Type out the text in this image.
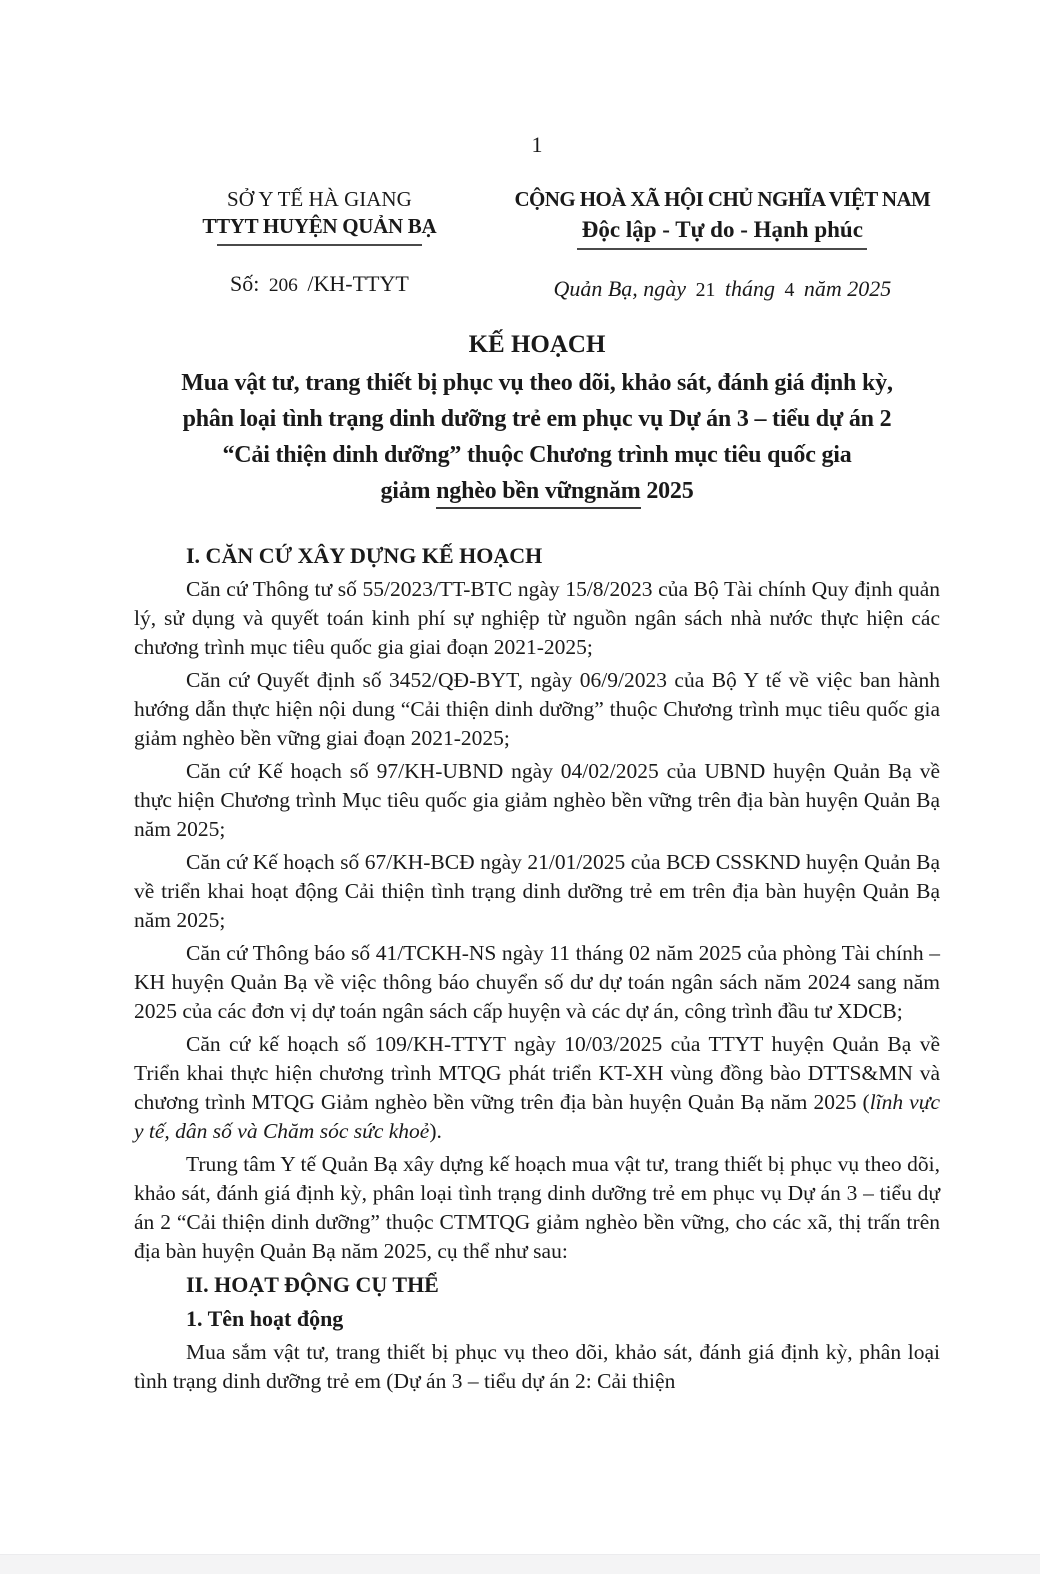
1
SỞ Y TẾ HÀ GIANG
TTYT HUYỆN QUẢN BẠ
Số: 206 /KH-TTYT
CỘNG HOÀ XÃ HỘI CHỦ NGHĨA VIỆT NAM
Độc lập - Tự do - Hạnh phúc
Quản Bạ, ngày 21 tháng 4 năm 2025
KẾ HOẠCH
Mua vật tư, trang thiết bị phục vụ theo dõi, khảo sát, đánh giá định kỳ,
phân loại tình trạng dinh dưỡng trẻ em phục vụ Dự án 3 – tiểu dự án 2
“Cải thiện dinh dưỡng” thuộc Chương trình mục tiêu quốc gia
giảm nghèo bền vữngnăm 2025
I. CĂN CỨ XÂY DỰNG KẾ HOẠCH

Căn cứ Thông tư số 55/2023/TT-BTC ngày 15/8/2023 của Bộ Tài chính Quy định quản lý, sử dụng và quyết toán kinh phí sự nghiệp từ nguồn ngân sách nhà nước thực hiện các chương trình mục tiêu quốc gia giai đoạn 2021-2025;

Căn cứ Quyết định số 3452/QĐ-BYT, ngày 06/9/2023 của Bộ Y tế về việc ban hành hướng dẫn thực hiện nội dung “Cải thiện dinh dưỡng” thuộc Chương trình mục tiêu quốc gia giảm nghèo bền vững giai đoạn 2021-2025;

Căn cứ Kế hoạch số 97/KH-UBND ngày 04/02/2025 của UBND huyện Quản Bạ về thực hiện Chương trình Mục tiêu quốc gia giảm nghèo bền vững trên địa bàn huyện Quản Bạ năm 2025;

Căn cứ Kế hoạch số 67/KH-BCĐ ngày 21/01/2025 của BCĐ CSSKND huyện Quản Bạ về triển khai hoạt động Cải thiện tình trạng dinh dưỡng trẻ em trên địa bàn huyện Quản Bạ năm 2025;

Căn cứ Thông báo số 41/TCKH-NS ngày 11 tháng 02 năm 2025 của phòng Tài chính – KH huyện Quản Bạ về việc thông báo chuyển số dư dự toán ngân sách năm 2024 sang năm 2025 của các đơn vị dự toán ngân sách cấp huyện và các dự án, công trình đầu tư XDCB;

Căn cứ kế hoạch số 109/KH-TTYT ngày 10/03/2025 của TTYT huyện Quản Bạ về Triển khai thực hiện chương trình MTQG phát triển KT-XH vùng đồng bào DTTS&MN và chương trình MTQG Giảm nghèo bền vững trên địa bàn huyện Quản Bạ năm 2025 (lĩnh vực y tế, dân số và Chăm sóc sức khoẻ).

Trung tâm Y tế Quản Bạ xây dựng kế hoạch mua vật tư, trang thiết bị phục vụ theo dõi, khảo sát, đánh giá định kỳ, phân loại tình trạng dinh dưỡng trẻ em phục vụ Dự án 3 – tiểu dự án 2 “Cải thiện dinh dưỡng” thuộc CTMTQG giảm nghèo bền vững, cho các xã, thị trấn trên địa bàn huyện Quản Bạ năm 2025, cụ thể như sau:

II. HOẠT ĐỘNG CỤ THỂ
1. Tên hoạt động

Mua sắm vật tư, trang thiết bị phục vụ theo dõi, khảo sát, đánh giá định kỳ, phân loại tình trạng dinh dưỡng trẻ em (Dự án 3 – tiểu dự án 2: Cải thiện
